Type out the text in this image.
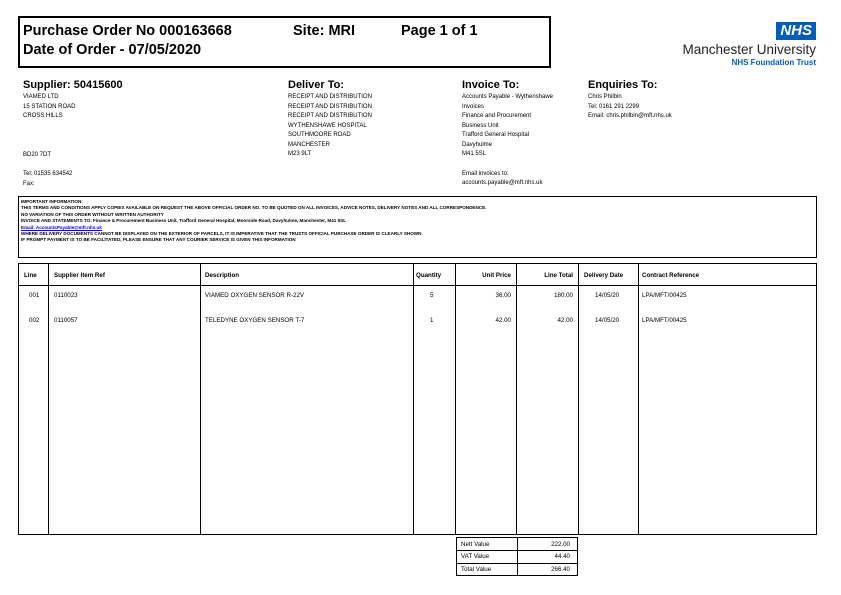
Purchase Order No 000163668	Site: MRI	Page 1 of 1
Date of Order - 07/05/2020
NHS
Manchester University
NHS Foundation Trust
Supplier: 50415600
VIAMED LTD
15 STATION ROAD
CROSS HILLS
BD20 7DT
Tel: 01535 634542
Fax:
Deliver To:
RECEIPT AND DISTRIBUTION
RECEIPT AND DISTRIBUTION
RECEIPT AND DISTRIBUTION
WYTHENSHAWE HOSPITAL
SOUTHMOORE ROAD
MANCHESTER
M23 9LT
Invoice To:
Accounts Payable - Wythenshawe
Invoices
Finance and Procurement
Business Unit
Trafford General Hospital
Davyhulme
M41 5SL
Email invoices to:
accounts.payable@mft.nhs.uk
Enquiries To:
Chris Philbin
Tel: 0161 291 2299
Email: chris.philbin@mft.nhs.uk
IMPORTANT INFORMATION:
THIS TERMS AND CONDITIONS APPLY COPIES AVAILABLE ON REQUEST THE ABOVE OFFICIAL ORDER NO. TO BE QUOTED ON ALL INVOICES, ADVICE NOTES, DELIVERY NOTES AND ALL CORRESPONDENCE.
NO VARIATION OF THIS ORDER WITHOUT WRITTEN AUTHORITY
INVOICE AND STATEMENTS TO: Finance & Procurement Business Unit, Trafford General Hospital, Moorside Road, Davyhulme, Manchester, M41 5SL
Email: AccountsPayable@mft.nhs.uk
WHERE DELIVERY DOCUMENTS CANNOT BE DISPLAYED ON THE EXTERIOR OF PARCELS, IT IS IMPERATIVE THAT THE TRUSTS OFFICIAL PURCHASE ORDER IS CLEARLY SHOWN
IF PROMPT PAYMENT IS TO BE FACILITATED, PLEASE ENSURE THAT ANY COURIER SERVICE IS GIVEN THIS INFORMATION
Line	Supplier Item Ref	Description	Quantity	Unit Price	Line Total Delivery Date	Contract Reference
001 0110023	VIAMED OXYGEN SENSOR R-22V	5	36.00	180.00	14/05/20	LPA/MFT/00425
002 0110057	TELEDYNE OXYGEN SENSOR T-7	1	42.00	42.00	14/05/20	LPA/MFT/00425
Nett Value	222.00
VAT Value	44.40
Total Value	266.40
